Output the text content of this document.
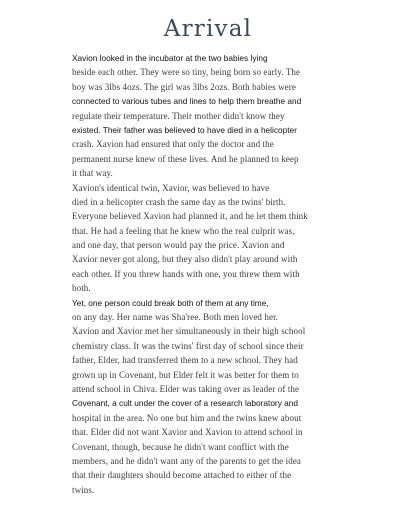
Arrival
Xavion looked in the incubator at the two babies lying
beside each other. They were so tiny, being born so early. The
boy was 3lbs 4ozs. The girl was 3lbs 2ozs. Both babies were
connected to various tubes and lines to help them breathe and
regulate their temperature. Their mother didn't know they
existed. Their father was believed to have died in a helicopter
crash. Xavion had ensured that only the doctor and the
permanent nurse knew of these lives. And he planned to keep
it that way.
Xavion's identical twin, Xavior, was believed to have
died in a helicopter crash the same day as the twins' birth.
Everyone believed Xavion had planned it, and he let them think
that. He had a feeling that he knew who the real culprit was,
and one day, that person would pay the price. Xavion and
Xavior never got along, but they also didn't play around with
each other. If you threw hands with one, you threw them with
both.
Yet, one person could break both of them at any time,
on any day. Her name was Sha'ree. Both men loved her.
Xavion and Xavior met her simultaneously in their high school
chemistry class. It was the twins' first day of school since their
father, Elder, had transferred them to a new school. They had
grown up in Covenant, but Elder felt it was better for them to
attend school in Chiva. Elder was taking over as leader of the
Covenant, a cult under the cover of a research laboratory and
hospital in the area. No one but him and the twins knew about
that. Elder did not want Xavior and Xavion to attend school in
Covenant, though, because he didn't want conflict with the
members, and he didn't want any of the parents to get the idea
that their daughters should become attached to either of the
twins.
